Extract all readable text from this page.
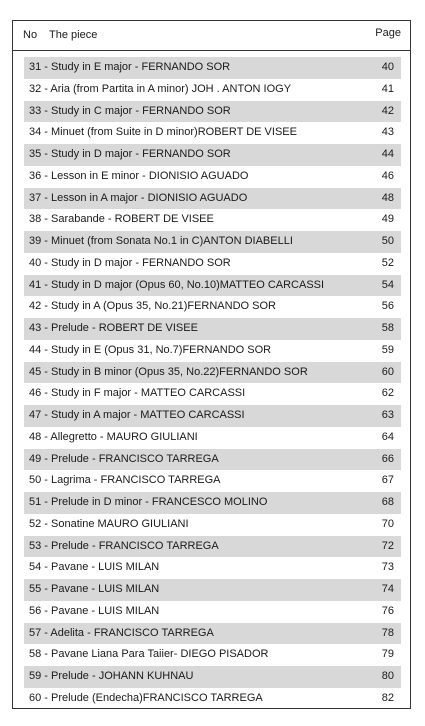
No The piece	Page
31 - Study in E major - FERNANDO SOR	40
32 - Aria (from Partita in A minor) JOH . ANTON IOGY	41
33 - Study in C major - FERNANDO SOR	42
34 - Minuet (from Suite in D minor)ROBERT DE VISEE	43
35 - Study in D major - FERNANDO SOR	44
36 - Lesson in E minor - DIONISIO AGUADO	46
37 - Lesson in A major - DIONISIO AGUADO	48
38 - Sarabande - ROBERT DE VISEE	49
39 - Minuet (from Sonata No.1 in C)ANTON DIABELLI	50
40 - Study in D major - FERNANDO SOR	52
41 - Study in D major (Opus 60, No.10)MATTEO CARCASSI	54
42 - Study in A (Opus 35, No.21)FERNANDO SOR	56
43 - Prelude - ROBERT DE VISEE	58
44 - Study in E (Opus 31, No.7)FERNANDO SOR	59
45 - Study in B minor (Opus 35, No.22)FERNANDO SOR	60
46 - Study in F major - MATTEO CARCASSI	62
47 - Study in A major - MATTEO CARCASSI	63
48 - Allegretto - MAURO GIULIANI	64
49 - Prelude - FRANCISCO TARREGA	66
50 - Lagrima - FRANCISCO TARREGA	67
51 - Prelude in D minor - FRANCESCO MOLINO	68
52 - Sonatine MAURO GIULIANI	70
53 - Prelude - FRANCISCO TARREGA	72
54 - Pavane - LUIS MILAN	73
55 - Pavane - LUIS MILAN	74
56 - Pavane - LUIS MILAN	76
57 - Adelita - FRANCISCO TARREGA	78
58 - Pavane Liana Para Taiier- DIEGO PISADOR	79
59 - Prelude - JOHANN KUHNAU	80
60 - Prelude (Endecha)FRANCISCO TARREGA	82
